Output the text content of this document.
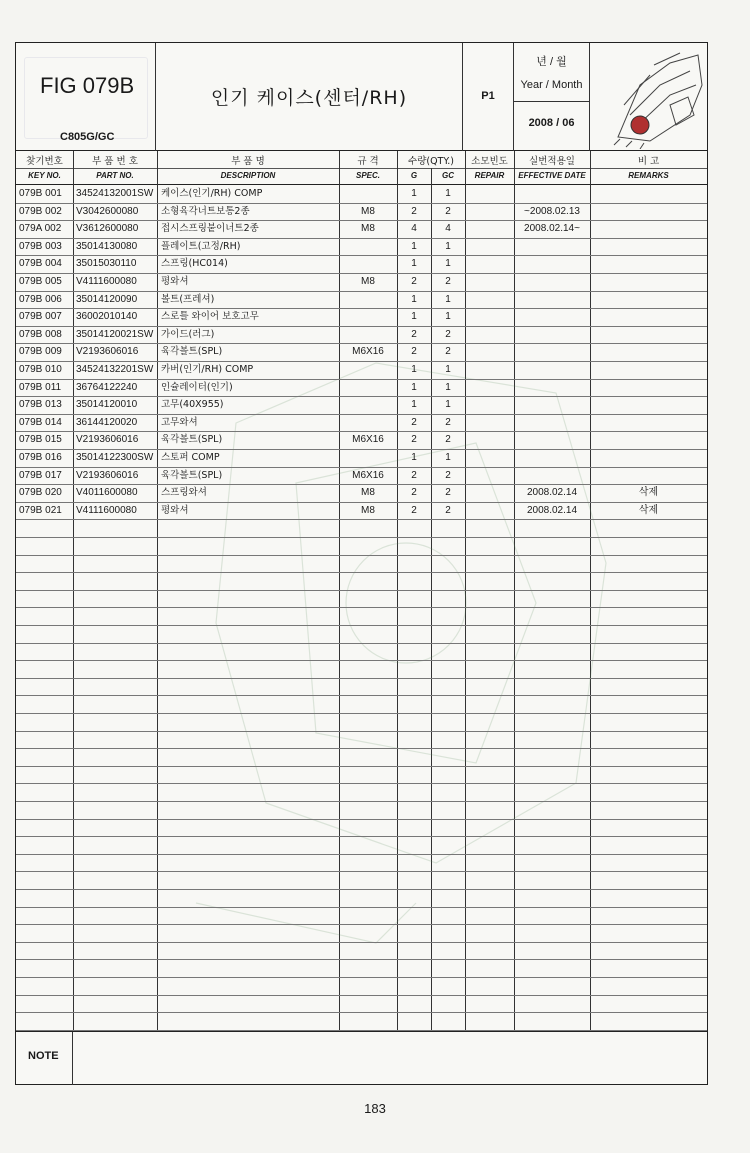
FIG 079B
C805G/GC
인기 케이스(센터/RH)	P1
년 / 월
Year / Month
2008 / 06
찾기번호
KEY NO.
부 품 번 호
PART NO.
부 품 명
DESCRIPTION
규 격
SPEC.
수량(QTY.)
G	GC
소모빈도
REPAIR
실번적용일
EFFECTIVE DATE
비 고
REMARKS
079B 001	34524132001SW 케이스(인기/RH) COMP	1	1
079B 002	V3042600080	소형육각너트보통2종	M8	2	2	~2008.02.13
079A 002	V3612600080	접시스프링붙이너트2종	M8	4	4	2008.02.14~
079B 003	35014130080	플레이트(고정/RH)	1	1
079B 004	35015030110	스프링(HC014)	1	1
079B 005	V4111600080	평와셔	M8	2	2
079B 006	35014120090	볼트(프레셔)	1	1
079B 007	36002010140	스로틀 와이어 보호고무	1	1
079B 008	35014120021SW 가이드(러그)	2	2
079B 009	V2193606016	육각볼트(SPL)	M6X16	2	2
079B 010	34524132201SW 카버(인기/RH) COMP	1	1
079B 011	36764122240	인슐레이터(인기)	1	1
079B 013	35014120010	고무(40X955)	1	1
079B 014	36144120020	고무와셔	2	2
079B 015	V2193606016	육각볼트(SPL)	M6X16	2	2
079B 016	35014122300SW 스토퍼 COMP	1	1
079B 017	V2193606016	육각볼트(SPL)	M6X16	2	2
079B 020	V4011600080	스프링와셔	M8	2	2	2008.02.14	삭제
079B 021	V4111600080	평와셔	M8	2	2	2008.02.14	삭제
NOTE
183
